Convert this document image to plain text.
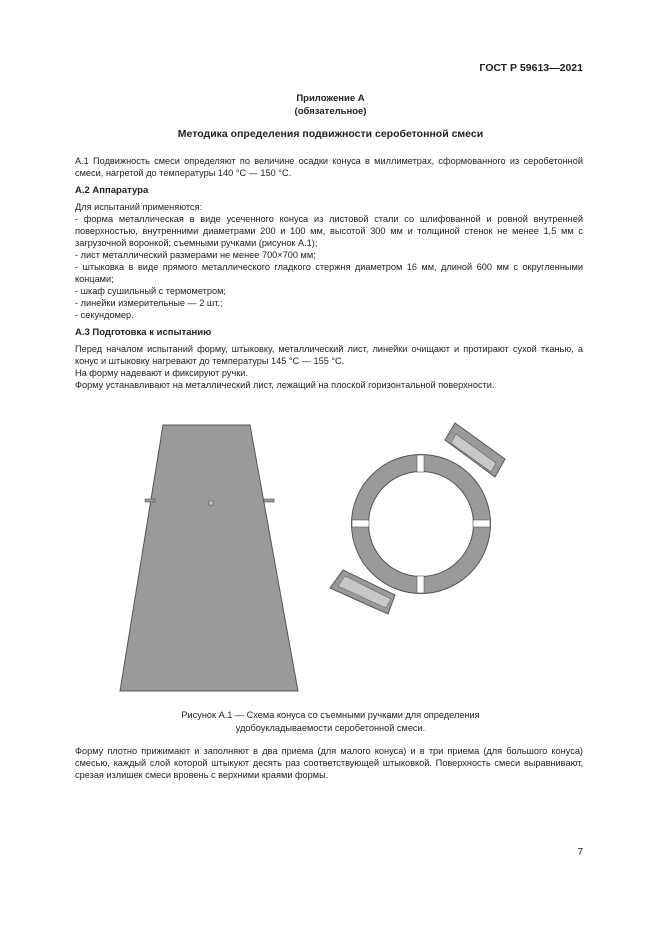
ГОСТ Р 59613—2021
Приложение А
(обязательное)
Методика определения подвижности серобетонной смеси

А.1 Подвижность смеси определяют по величине осадки конуса в миллиметрах, сформованного из серобетонной смеси, нагретой до температуры 140 °С — 150 °С.

А.2 Аппаратура

Для испытаний применяются:

- форма металлическая в виде усеченного конуса из листовой стали со шлифованной и ровной внутренней поверхностью, внутренними диаметрами 200 и 100 мм, высотой 300 мм и толщиной стенок не менее 1,5 мм с загрузочной воронкой; съемными ручками (рисунок А.1);

- лист металлический размерами не менее 700×700 мм;

- штыковка в виде прямого металлического гладкого стержня диаметром 16 мм, длиной 600 мм с округленными концами;

- шкаф сушильный с термометром;

- линейки измерительные — 2 шт.;

- секундомер.

А.3 Подготовка к испытанию

Перед началом испытаний форму, штыковку, металлический лист, линейки очищают и протирают сухой тканью, а конус и штыковку нагревают до температуры 145 °С — 155 °С.

На форму надевают и фиксируют ручки.

Форму устанавливают на металлический лист, лежащий на плоской горизонтальной поверхности.

Рисунок А.1 — Схема конуса со съемными ручками для определения
удобоукладываемости серобетонной смеси.

Форму плотно прижимают и заполняют в два приема (для малого конуса) и в три приема (для большого конуса) смесью, каждый слой которой штыкуют десять раз соответствующей штыковкой. Поверхность смеси выравнивают, срезая излишек смеси вровень с верхними краями формы.

7
